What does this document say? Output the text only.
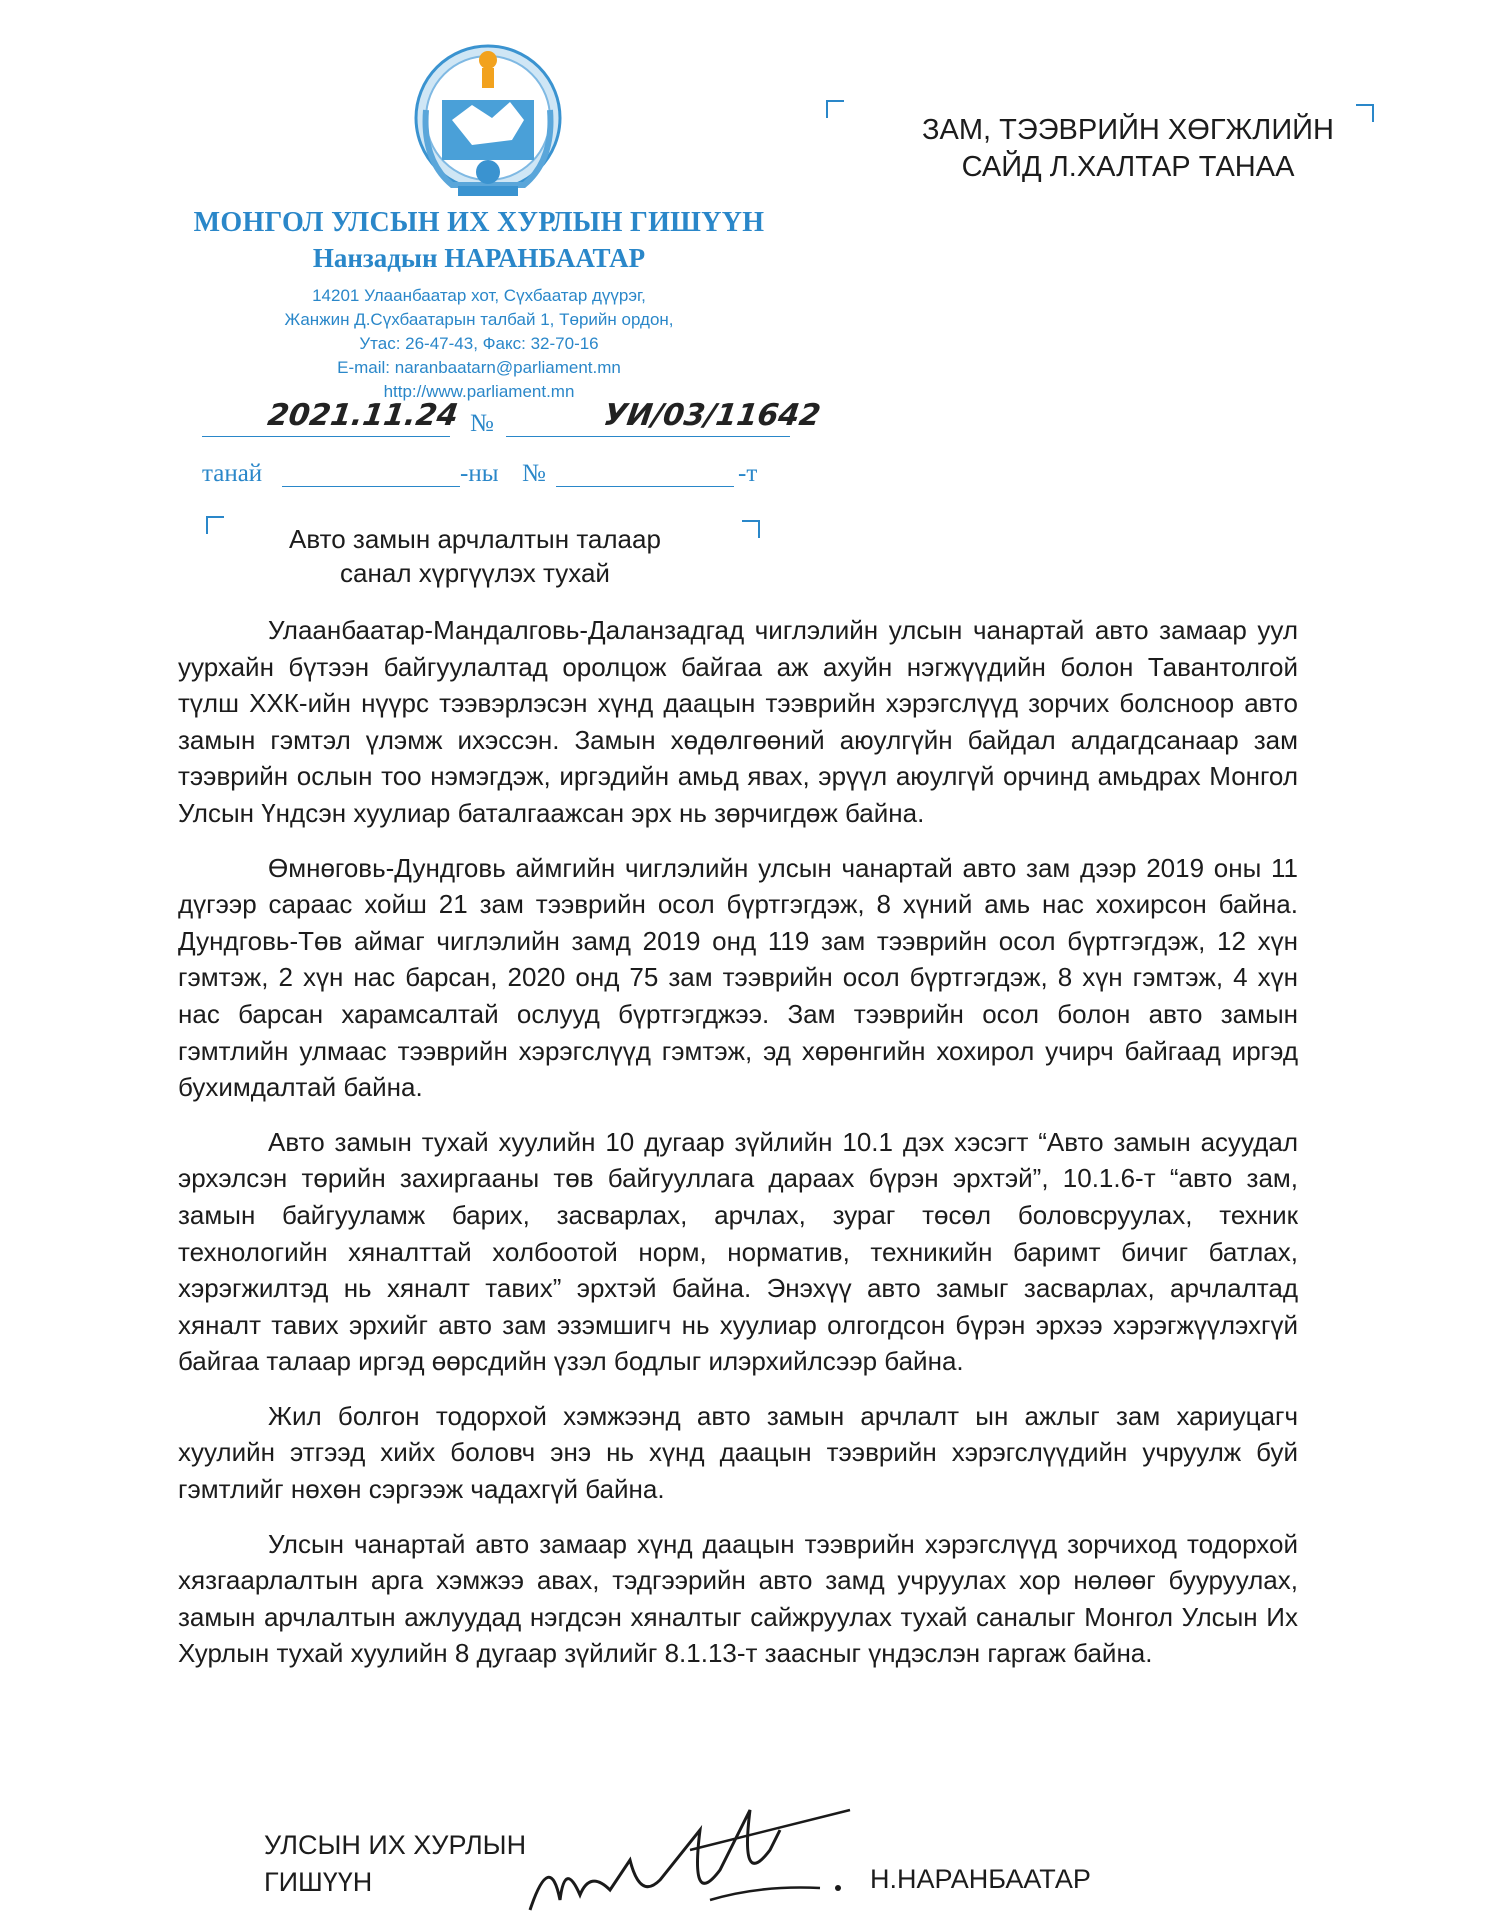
МОНГОЛ УЛСЫН ИХ ХУРЛЫН ГИШҮҮН
Нанзадын НАРАНБААТАР
14201 Улаанбаатар хот, Сүхбаатар дүүрэг,
Жанжин Д.Сүхбаатарын талбай 1, Төрийн ордон,
Утас: 26-47-43, Факс: 32-70-16
E-mail: naranbaatarn@parliament.mn
http://www.parliament.mn
2021.11.24 №	УИ/03/11642
танай	-ны №	-т
ЗАМ, ТЭЭВРИЙН ХӨГЖЛИЙН
САЙД Л.ХАЛТАР ТАНАА
Авто замын арчлалтын талаар
санал хүргүүлэх тухай

Улаанбаатар-Мандалговь-Даланзадгад чиглэлийн улсын чанартай авто замаар уул уурхайн бүтээн байгуулалтад оролцож байгаа аж ахуйн нэгжүүдийн болон Тавантолгой түлш ХХК-ийн нүүрс тээвэрлэсэн хүнд даацын тээврийн хэрэгслүүд зорчих болсноор авто замын гэмтэл үлэмж ихэссэн. Замын хөдөлгөөний аюулгүйн байдал алдагдсанаар зам тээврийн ослын тоо нэмэгдэж, иргэдийн амьд явах, эрүүл аюулгүй орчинд амьдрах Монгол Улсын Үндсэн хуулиар баталгаажсан эрх нь зөрчигдөж байна.

Өмнөговь-Дундговь аймгийн чиглэлийн улсын чанартай авто зам дээр 2019 оны 11 дүгээр сараас хойш 21 зам тээврийн осол бүртгэгдэж, 8 хүний амь нас хохирсон байна. Дундговь-Төв аймаг чиглэлийн замд 2019 онд 119 зам тээврийн осол бүртгэгдэж, 12 хүн гэмтэж, 2 хүн нас барсан, 2020 онд 75 зам тээврийн осол бүртгэгдэж, 8 хүн гэмтэж, 4 хүн нас барсан харамсалтай ослууд бүртгэгджээ. Зам тээврийн осол болон авто замын гэмтлийн улмаас тээврийн хэрэгслүүд гэмтэж, эд хөрөнгийн хохирол учирч байгаад иргэд бухимдалтай байна.

Авто замын тухай хуулийн 10 дугаар зүйлийн 10.1 дэх хэсэгт “Авто замын асуудал эрхэлсэн төрийн захиргааны төв байгууллага дараах бүрэн эрхтэй”, 10.1.6-т “авто зам, замын байгууламж барих, засварлах, арчлах, зураг төсөл боловсруулах, техник технологийн хяналттай холбоотой норм, норматив, техникийн баримт бичиг батлах, хэрэгжилтэд нь хяналт тавих” эрхтэй байна. Энэхүү авто замыг засварлах, арчлалтад хяналт тавих эрхийг авто зам эзэмшигч нь хуулиар олгогдсон бүрэн эрхээ хэрэгжүүлэхгүй байгаа талаар иргэд өөрсдийн үзэл бодлыг илэрхийлсээр байна.

Жил болгон тодорхой хэмжээнд авто замын арчлалт ын ажлыг зам хариуцагч хуулийн этгээд хийх боловч энэ нь хүнд даацын тээврийн хэрэгслүүдийн учруулж буй гэмтлийг нөхөн сэргээж чадахгүй байна.

Улсын чанартай авто замаар хүнд даацын тээврийн хэрэгслүүд зорчиход тодорхой хязгаарлалтын арга хэмжээ авах, тэдгээрийн авто замд учруулах хор нөлөөг бууруулах, замын арчлалтын ажлуудад нэгдсэн хяналтыг сайжруулах тухай саналыг Монгол Улсын Их Хурлын тухай хуулийн 8 дугаар зүйлийг 8.1.13-т заасныг үндэслэн гаргаж байна.

УЛСЫН ИХ ХУРЛЫН
ГИШҮҮН	Н.НАРАНБААТАР
